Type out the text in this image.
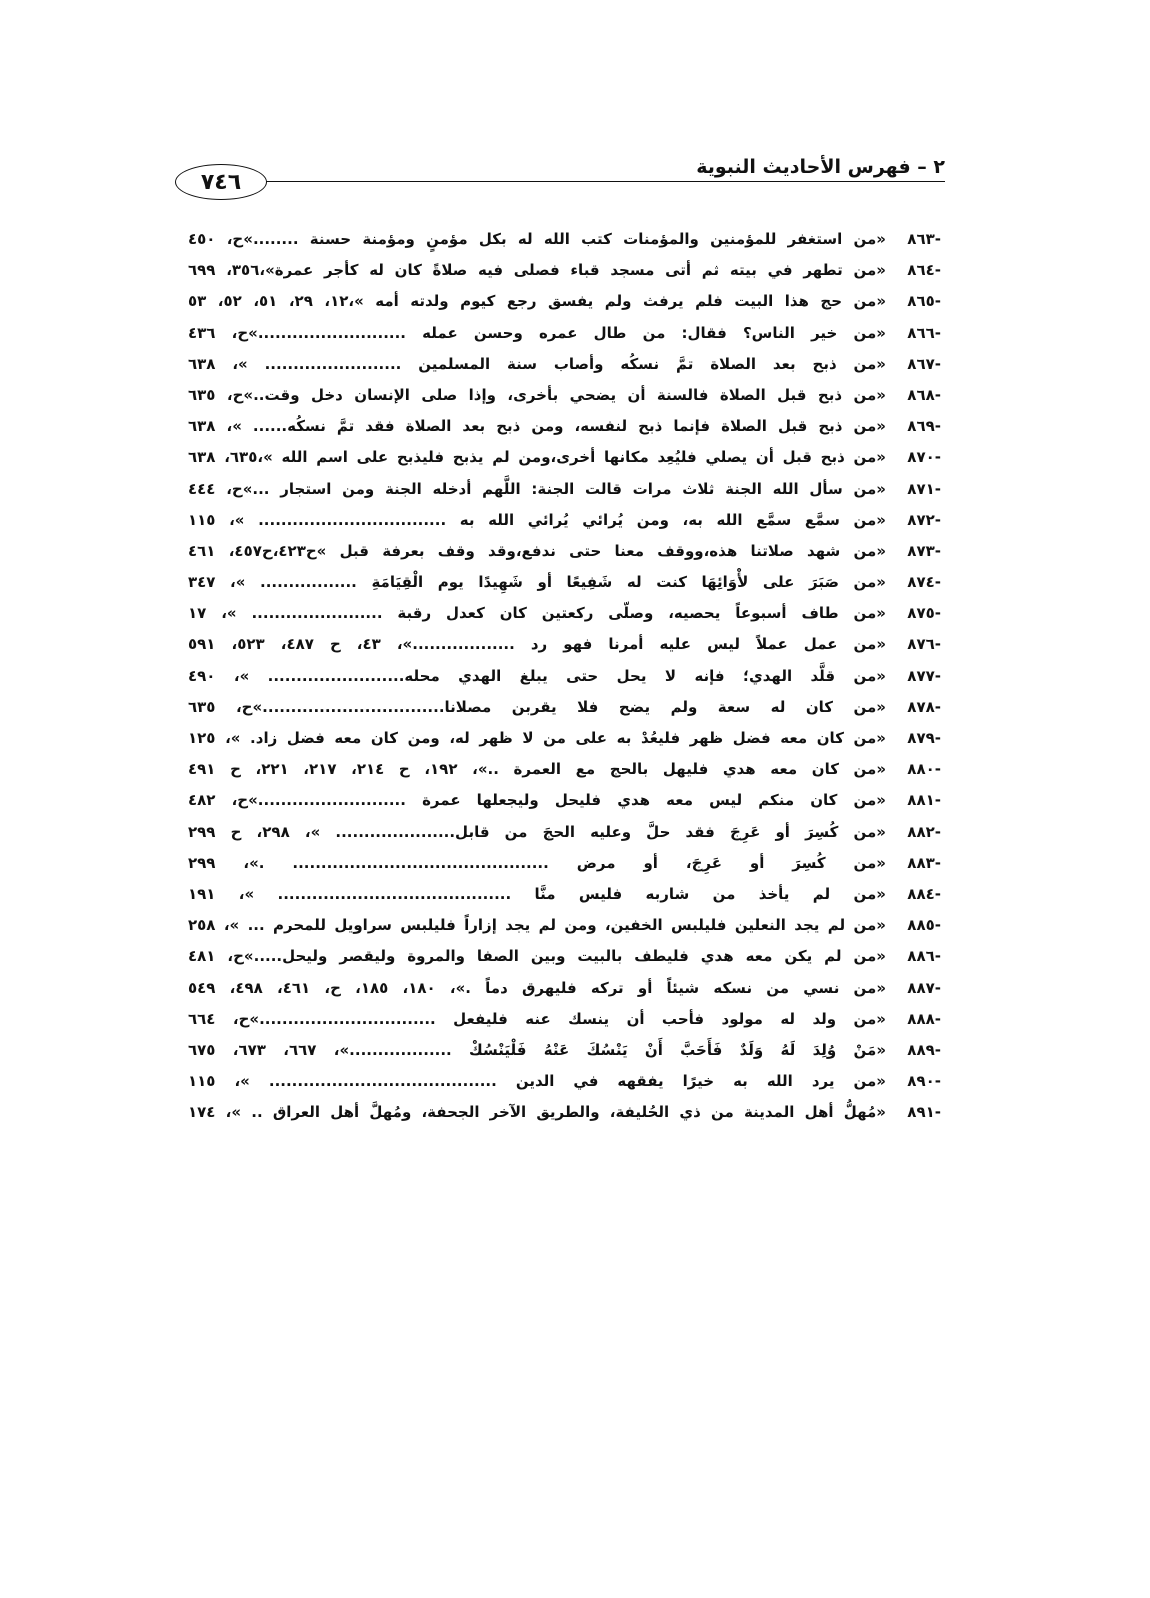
٢ – فهرس الأحاديث النبوية
٧٤٦
-٨٦٣
«من استغفر للمؤمنين والمؤمنات كتب الله له بكل مؤمنٍ ومؤمنة حسنة ........»ح، ٤٥٠
-٨٦٤
«من تطهر في بيته ثم أتى مسجد قباء فصلى فيه صلاةً كان له كأجر عمرة»،٣٥٦، ٦٩٩
-٨٦٥
«من حج هذا البيت فلم يرفث ولم يفسق رجع كيوم ولدته أمه »،١٢، ٢٩، ٥١، ٥٢، ٥٣
-٨٦٦
«من خير الناس؟ فقال: من طال عمره وحسن عمله ..........................»ح، ٤٣٦
-٨٦٧
«من ذبح بعد الصلاة تمَّ نسكُه وأصاب سنة المسلمين ........................ »، ٦٣٨
-٨٦٨
«من ذبح قبل الصلاة فالسنة أن يضحي بأخرى، وإذا صلى الإنسان دخل وقت..»ح، ٦٣٥
-٨٦٩
«من ذبح قبل الصلاة فإنما ذبح لنفسه، ومن ذبح بعد الصلاة فقد تمَّ نسكُه...... »، ٦٣٨
-٨٧٠
«من ذبح قبل أن يصلي فليُعِد مكانها أخرى،ومن لم يذبح فليذبح على اسم الله »،٦٣٥، ٦٣٨
-٨٧١
«من سأل الله الجنة ثلاث مرات قالت الجنة: اللَّهم أدخله الجنة ومن استجار ...»ح، ٤٤٤
-٨٧٢
«من سمَّع سمَّع الله به، ومن يُرائي يُرائي الله به ................................. »، ١١٥
-٨٧٣
«من شهد صلاتنا هذه،ووقف معنا حتى ندفع،وقد وقف بعرفة قبل »ح٤٢٣،ح٤٥٧، ٤٦١
-٨٧٤
«من صَبَرَ على لأْوَائِهَا كنت له شَفِيعًا أو شَهِيدًا يوم الْقِيَامَةِ ................. »، ٣٤٧
-٨٧٥
«من طاف أسبوعاً يحصيه، وصلّى ركعتين كان كعدل رقبة ....................... »، ١٧
-٨٧٦
«من عمل عملاً ليس عليه أمرنا فهو رد ..................»، ٤٣، ح ٤٨٧، ٥٢٣، ٥٩١
-٨٧٧
«من قلَّد الهدي؛ فإنه لا يحل حتى يبلغ الهدي محله........................ »، ٤٩٠
-٨٧٨
«من كان له سعة ولم يضح فلا يقربن مصلانا................................»ح، ٦٣٥
-٨٧٩
«من كان معه فضل ظهر فليعُدْ به على من لا ظهر له، ومن كان معه فضل زاد. »، ١٢٥
-٨٨٠
«من كان معه هدي فليهل بالحج مع العمرة ..»، ١٩٢، ح ٢١٤، ٢١٧، ٢٢١، ح ٤٩١
-٨٨١
«من كان منكم ليس معه هدي فليحل وليجعلها عمرة ..........................»ح، ٤٨٢
-٨٨٢
«من كُسِرَ أو عَرِجَ فقد حلَّ وعليه الحجَ من قابل..................... »، ٢٩٨، ح ٢٩٩
-٨٨٣
«من كُسِرَ أو عَرِجَ، أو مرض ............................................. .»، ٢٩٩
-٨٨٤
«من لم يأخذ من شاربه فليس منَّا ......................................... »، ١٩١
-٨٨٥
«من لم يجد النعلين فليلبس الخفين، ومن لم يجد إزاراً فليلبس سراويل للمحرم ... »، ٢٥٨
-٨٨٦
«من لم يكن معه هدي فليطف بالبيت وبين الصفا والمروة وليقصر وليحل.....»ح، ٤٨١
-٨٨٧
«من نسي من نسكه شيئاً أو تركه فليهرق دماً .»، ١٨٠، ١٨٥، ح، ٤٦١، ٤٩٨، ٥٤٩
-٨٨٨
«من ولد له مولود فأحب أن ينسك عنه فليفعل ...............................»ح، ٦٦٤
-٨٨٩
«مَنْ وُلِدَ لَهُ وَلَدٌ فَأَحَبَّ أَنْ يَنْسُكَ عَنْهُ فَلْيَنْسُكْ ..................»، ٦٦٧، ٦٧٣، ٦٧٥
-٨٩٠
«من يرد الله به خيرًا يفقهه في الدين ........................................ »، ١١٥
-٨٩١
«مُهلُّ أهل المدينة من ذي الحُليفة، والطريق الآخر الجحفة، ومُهلَّ أهل العراق .. »، ١٧٤
